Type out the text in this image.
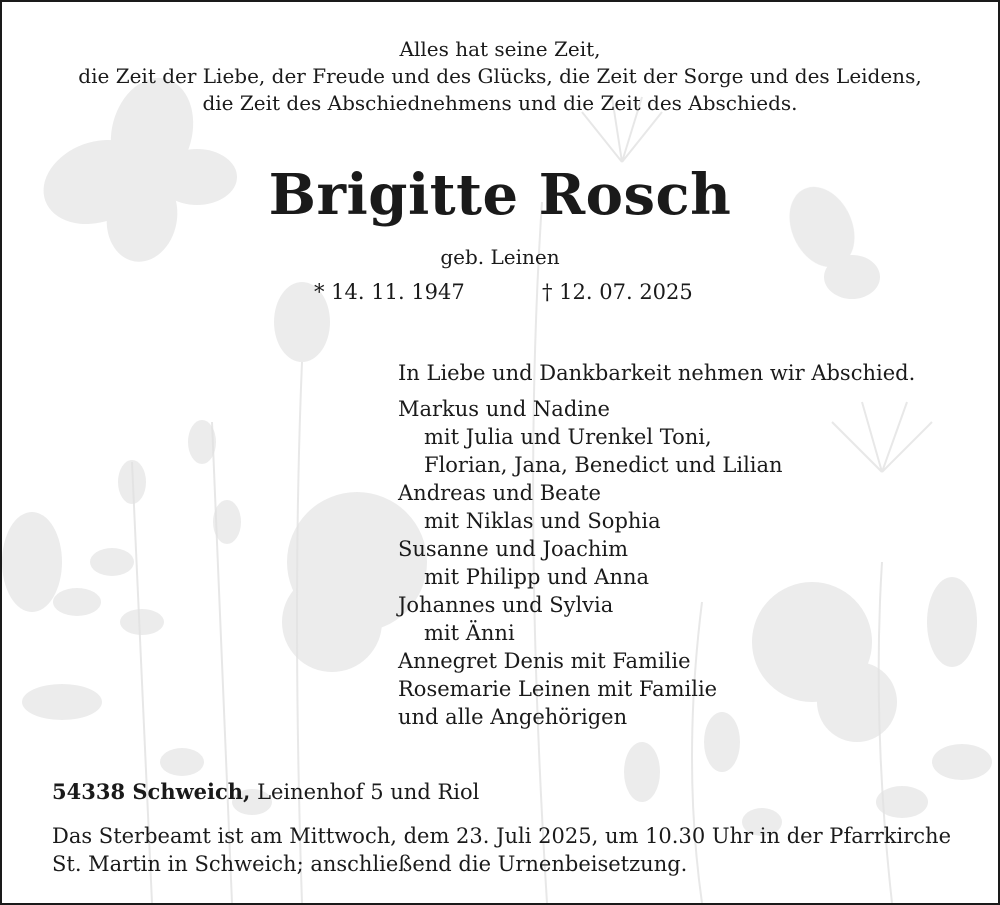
Alles hat seine Zeit,
die Zeit der Liebe, der Freude und des Glücks, die Zeit der Sorge und des Leidens,
die Zeit des Abschiednehmens und die Zeit des Abschieds.
Brigitte Rosch
geb. Leinen
* 14. 11. 1947	† 12. 07. 2025
In Liebe und Dankbarkeit nehmen wir Abschied.
Markus und Nadine
mit Julia und Urenkel Toni,
Florian, Jana, Benedict und Lilian
Andreas und Beate
mit Niklas und Sophia
Susanne und Joachim
mit Philipp und Anna
Johannes und Sylvia
mit Änni
Annegret Denis mit Familie
Rosemarie Leinen mit Familie
und alle Angehörigen
54338 Schweich, Leinenhof 5 und Riol
Das Sterbeamt ist am Mittwoch, dem 23. Juli 2025, um 10.30 Uhr in der Pfarrkirche
St. Martin in Schweich; anschließend die Urnenbeisetzung.
